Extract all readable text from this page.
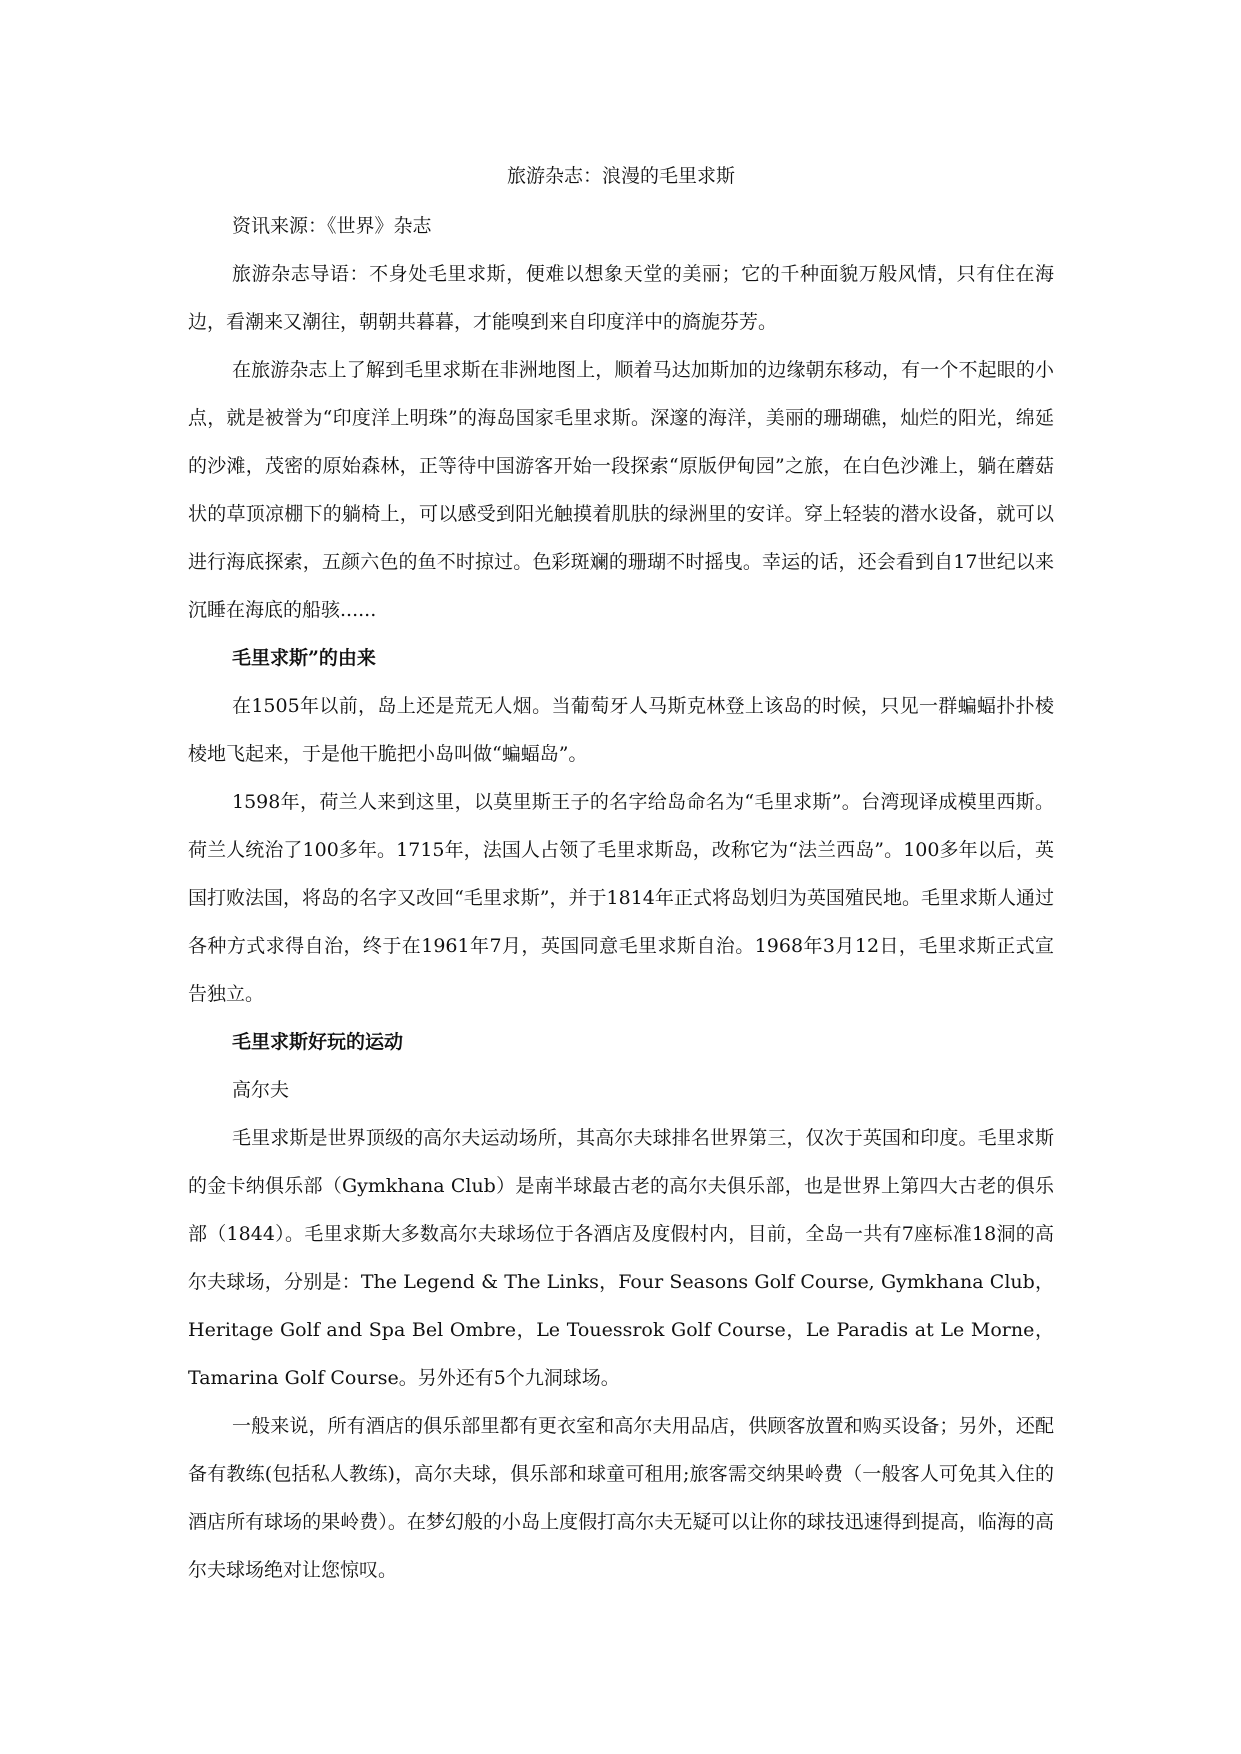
旅游杂志：浪漫的毛里求斯

资讯来源：《世界》杂志

旅游杂志导语：不身处毛里求斯，便难以想象天堂的美丽；它的千种面貌万般风情，只有住在海边，看潮来又潮往，朝朝共暮暮，才能嗅到来自印度洋中的旖旎芬芳。

在旅游杂志上了解到毛里求斯在非洲地图上，顺着马达加斯加的边缘朝东移动，有一个不起眼的小点，就是被誉为“印度洋上明珠”的海岛国家毛里求斯。深邃的海洋，美丽的珊瑚礁，灿烂的阳光，绵延的沙滩，茂密的原始森林，正等待中国游客开始一段探索“原版伊甸园”之旅，在白色沙滩上，躺在蘑菇状的草顶凉棚下的躺椅上，可以感受到阳光触摸着肌肤的绿洲里的安详。穿上轻装的潜水设备，就可以进行海底探索，五颜六色的鱼不时掠过。色彩斑斓的珊瑚不时摇曳。幸运的话，还会看到自17世纪以来沉睡在海底的船骇......

毛里求斯”的由来

在1505年以前，岛上还是荒无人烟。当葡萄牙人马斯克林登上该岛的时候，只见一群蝙蝠扑扑棱棱地飞起来，于是他干脆把小岛叫做“蝙蝠岛”。

1598年，荷兰人来到这里，以莫里斯王子的名字给岛命名为“毛里求斯”。台湾现译成模里西斯。荷兰人统治了100多年。1715年，法国人占领了毛里求斯岛，改称它为“法兰西岛”。100多年以后，英国打败法国，将岛的名字又改回“毛里求斯”，并于1814年正式将岛划归为英国殖民地。毛里求斯人通过各种方式求得自治，终于在1961年7月，英国同意毛里求斯自治。1968年3月12日，毛里求斯正式宣告独立。

毛里求斯好玩的运动

高尔夫

毛里求斯是世界顶级的高尔夫运动场所，其高尔夫球排名世界第三，仅次于英国和印度。毛里求斯的金卡纳俱乐部（Gymkhana Club）是南半球最古老的高尔夫俱乐部，也是世界上第四大古老的俱乐部（1844）。毛里求斯大多数高尔夫球场位于各酒店及度假村内，目前，全岛一共有7座标准18洞的高尔夫球场，分别是：The Legend & The Links，Four Seasons Golf Course, Gymkhana Club，Heritage Golf and Spa Bel Ombre，Le Touessrok Golf Course，Le Paradis at Le Morne，Tamarina Golf Course。另外还有5个九洞球场。

一般来说，所有酒店的俱乐部里都有更衣室和高尔夫用品店，供顾客放置和购买设备；另外，还配备有教练(包括私人教练)，高尔夫球，俱乐部和球童可租用;旅客需交纳果岭费（一般客人可免其入住的酒店所有球场的果岭费）。在梦幻般的小岛上度假打高尔夫无疑可以让你的球技迅速得到提高，临海的高尔夫球场绝对让您惊叹。
